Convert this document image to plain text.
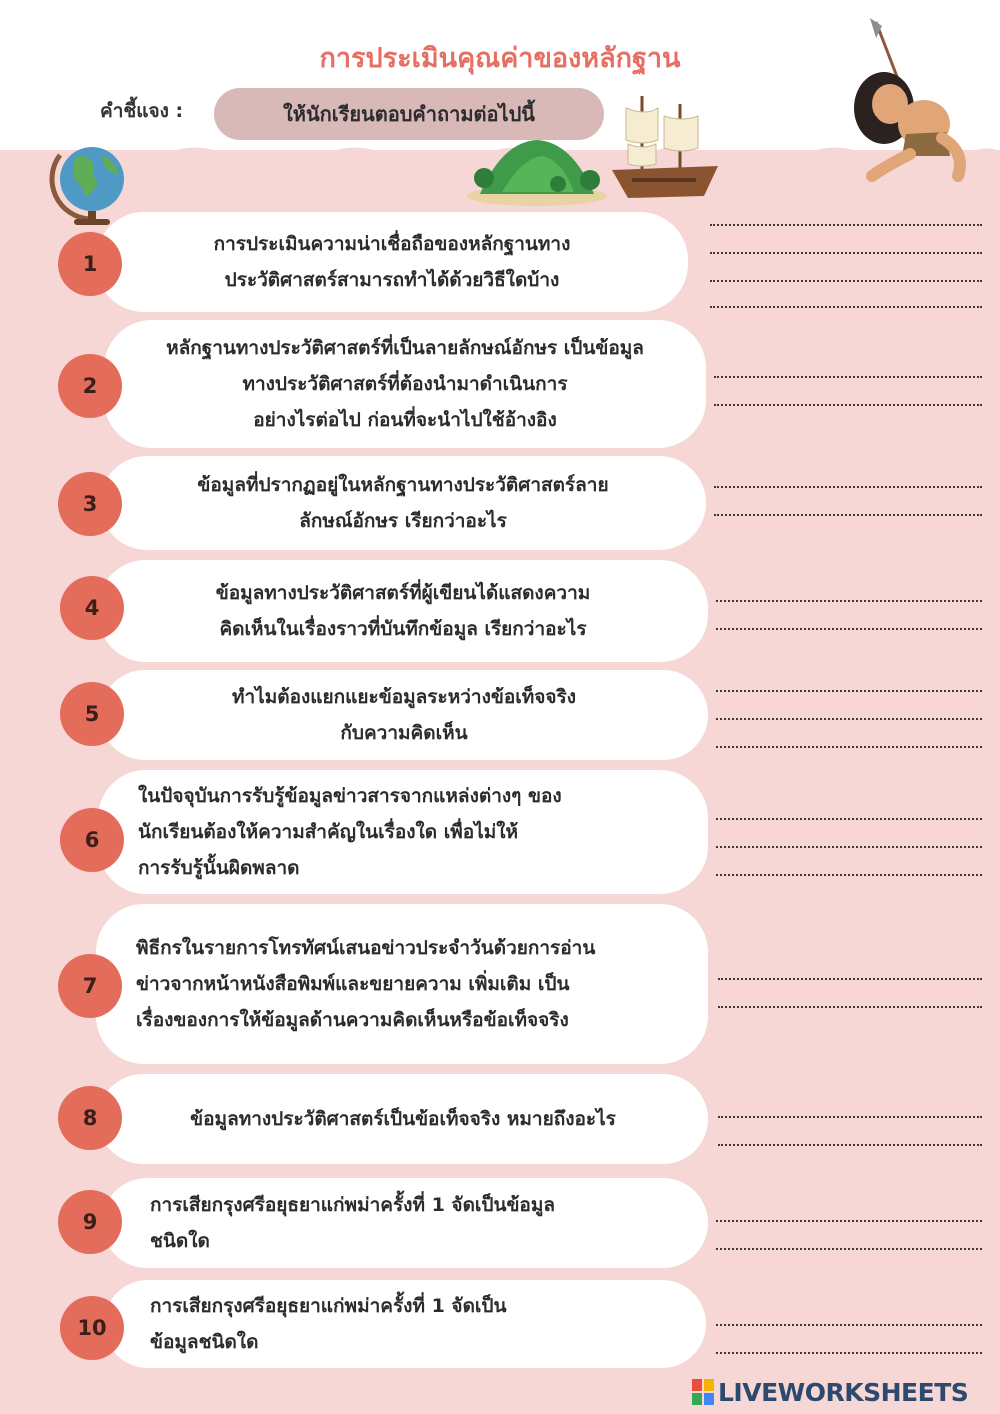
การประเมินคุณค่าของหลักฐาน
คำชี้แจง :	ให้นักเรียนตอบคำถามต่อไปนี้
การประเมินความน่าเชื่อถือของหลักฐานทาง
ประวัติศาสตร์สามารถทำได้ด้วยวิธีใดบ้าง
1
หลักฐานทางประวัติศาสตร์ที่เป็นลายลักษณ์อักษร เป็นข้อมูล
ทางประวัติศาสตร์ที่ต้องนำมาดำเนินการ
อย่างไรต่อไป ก่อนที่จะนำไปใช้อ้างอิง
2
ข้อมูลที่ปรากฏอยู่ในหลักฐานทางประวัติศาสตร์ลาย
ลักษณ์อักษร เรียกว่าอะไร
3
ข้อมูลทางประวัติศาสตร์ที่ผู้เขียนได้แสดงความ
คิดเห็นในเรื่องราวที่บันทึกข้อมูล เรียกว่าอะไร
4
ทำไมต้องแยกแยะข้อมูลระหว่างข้อเท็จจริง
กับความคิดเห็น
5
ในปัจจุบันการรับรู้ข้อมูลข่าวสารจากแหล่งต่างๆ ของ
นักเรียนต้องให้ความสำคัญในเรื่องใด เพื่อไม่ให้
การรับรู้นั้นผิดพลาด
6
พิธีกรในรายการโทรทัศน์เสนอข่าวประจำวันด้วยการอ่าน
ข่าวจากหน้าหนังสือพิมพ์และขยายความ เพิ่มเติม เป็น
เรื่องของการให้ข้อมูลด้านความคิดเห็นหรือข้อเท็จจริง
7
ข้อมูลทางประวัติศาสตร์เป็นข้อเท็จจริง หมายถึงอะไร
8
การเสียกรุงศรีอยุธยาแก่พม่าครั้งที่ 1 จัดเป็นข้อมูล
ชนิดใด
9
การเสียกรุงศรีอยุธยาแก่พม่าครั้งที่ 1 จัดเป็น
ข้อมูลชนิดใด
10
LIVEWORKSHEETS
